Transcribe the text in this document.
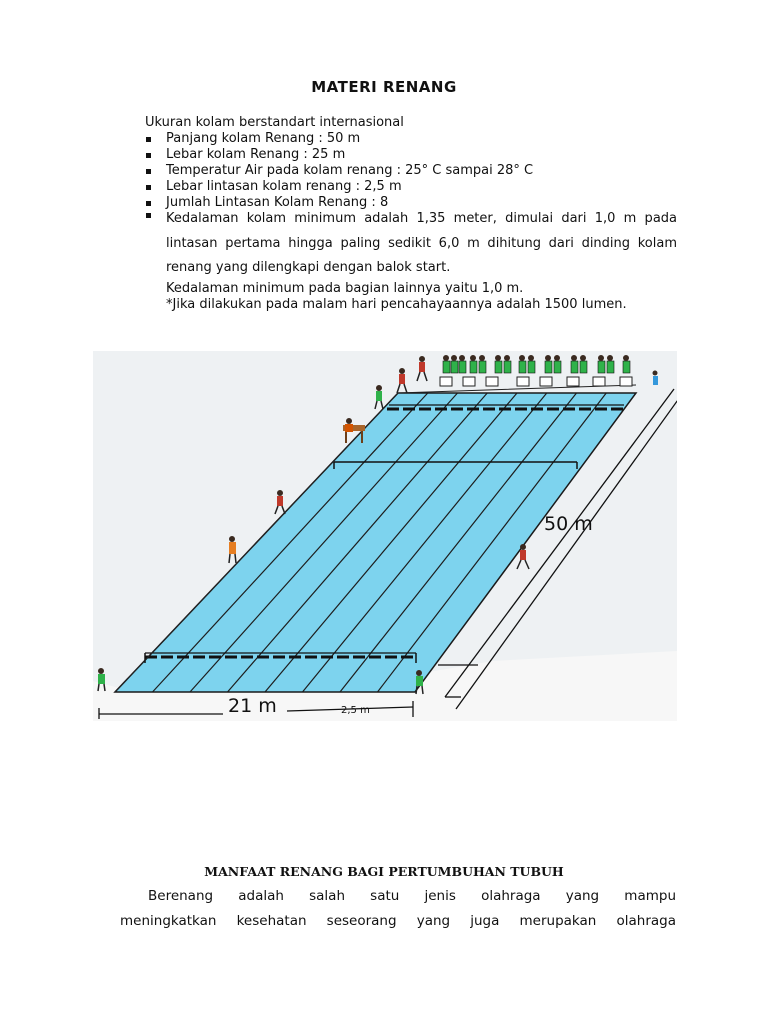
MATERI RENANG
Ukuran kolam berstandart internasional
Panjang kolam Renang : 50 m
Lebar kolam Renang : 25 m
Temperatur Air pada kolam renang : 25° C sampai 28° C
Lebar lintasan kolam renang : 2,5 m
Jumlah Lintasan Kolam Renang : 8
Kedalaman kolam minimum adalah 1,35 meter, dimulai dari 1,0 m pada lintasan pertama hingga paling sedikit 6,0 m dihitung dari dinding kolam renang yang dilengkapi dengan balok start.
Kedalaman minimum pada bagian lainnya yaitu 1,0 m.
*Jika dilakukan pada malam hari pencahayaannya adalah 1500 lumen.
50 m
21 m	2,5 m
MANFAAT RENANG BAGI PERTUMBUHAN TUBUH

Berenang adalah salah satu jenis olahraga yang mampu meningkatkan kesehatan seseorang yang juga merupakan olahraga
